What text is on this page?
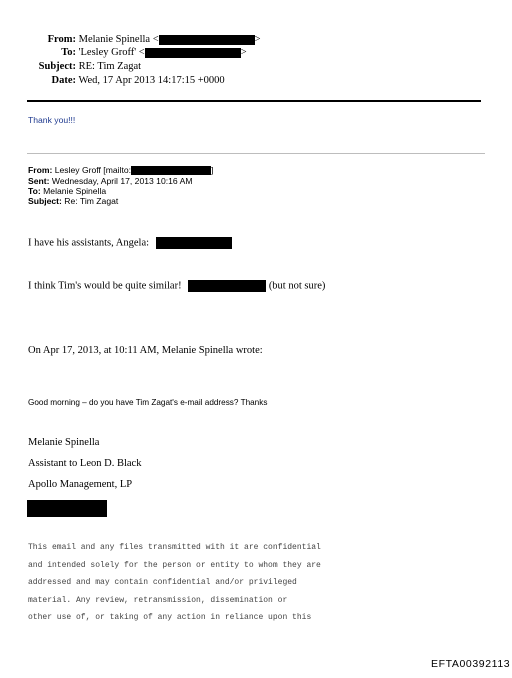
From: Melanie Spinella <	>
To: 'Lesley Groff' <	>
Subject: RE: Tim Zagat
Date: Wed, 17 Apr 2013 14:17:15 +0000
Thank you!!!
From: Lesley Groff [mailto:	]
Sent: Wednesday, April 17, 2013 10:16 AM
To: Melanie Spinella
Subject: Re: Tim Zagat
I have his assistants, Angela:
I think Tim's would be quite similar!	(but not sure)
On Apr 17, 2013, at 10:11 AM, Melanie Spinella wrote:
Good morning – do you have Tim Zagat's e-mail address? Thanks
Melanie Spinella
Assistant to Leon D. Black
Apollo Management, LP
This email and any files transmitted with it are confidential
and intended solely for the person or entity to whom they are
addressed and may contain confidential and/or privileged
material. Any review, retransmission, dissemination or
other use of, or taking of any action in reliance upon this
EFTA00392113
